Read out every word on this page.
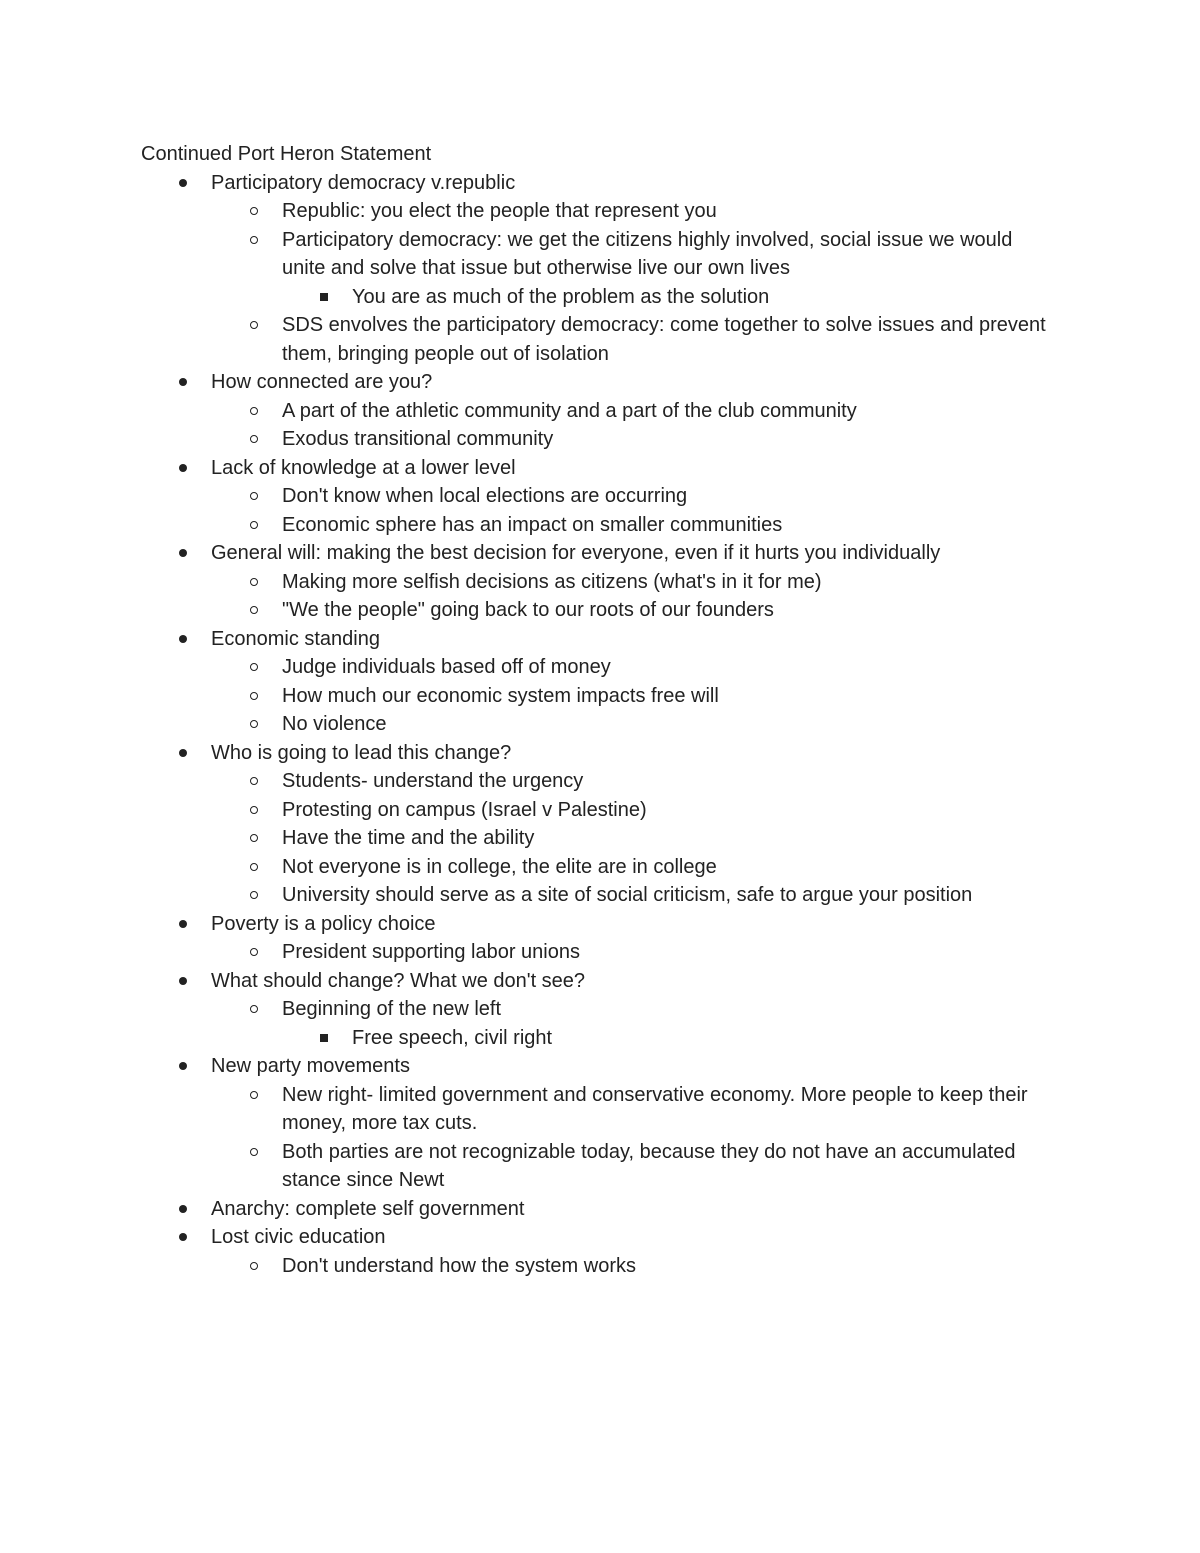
Continued Port Heron Statement
Participatory democracy v.republic
Republic: you elect the people that represent you
Participatory democracy: we get the citizens highly involved, social issue we would unite and solve that issue but otherwise live our own lives
You are as much of the problem as the solution
SDS envolves the participatory democracy: come together to solve issues and prevent them, bringing people out of isolation
How connected are you?
A part of the athletic community and a part of the club community
Exodus transitional community
Lack of knowledge at a lower level
Don't know when local elections are occurring
Economic sphere has an impact on smaller communities
General will: making the best decision for everyone, even if it hurts you individually
Making more selfish decisions as citizens (what's in it for me)
"We the people" going back to our roots of our founders
Economic standing
Judge individuals based off of money
How much our economic system impacts free will
No violence
Who is going to lead this change?
Students- understand the urgency
Protesting on campus (Israel v Palestine)
Have the time and the ability
Not everyone is in college, the elite are in college
University should serve as a site of social criticism, safe to argue your position
Poverty is a policy choice
President supporting labor unions
What should change? What we don't see?
Beginning of the new left
Free speech, civil right
New party movements
New right- limited government and conservative economy. More people to keep their money, more tax cuts.
Both parties are not recognizable today, because they do not have an accumulated stance since Newt
Anarchy: complete self government
Lost civic education
Don't understand how the system works
